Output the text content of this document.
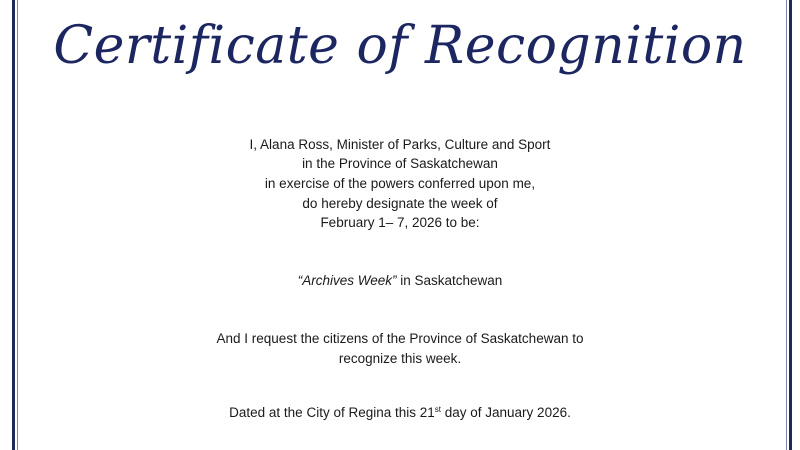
Certificate of Recognition
I, Alana Ross, Minister of Parks, Culture and Sport
in the Province of Saskatchewan
in exercise of the powers conferred upon me,
do hereby designate the week of
February 1– 7, 2026 to be:
“Archives Week” in Saskatchewan
And I request the citizens of the Province of Saskatchewan to
recognize this week.
Dated at the City of Regina this 21st day of January 2026.
